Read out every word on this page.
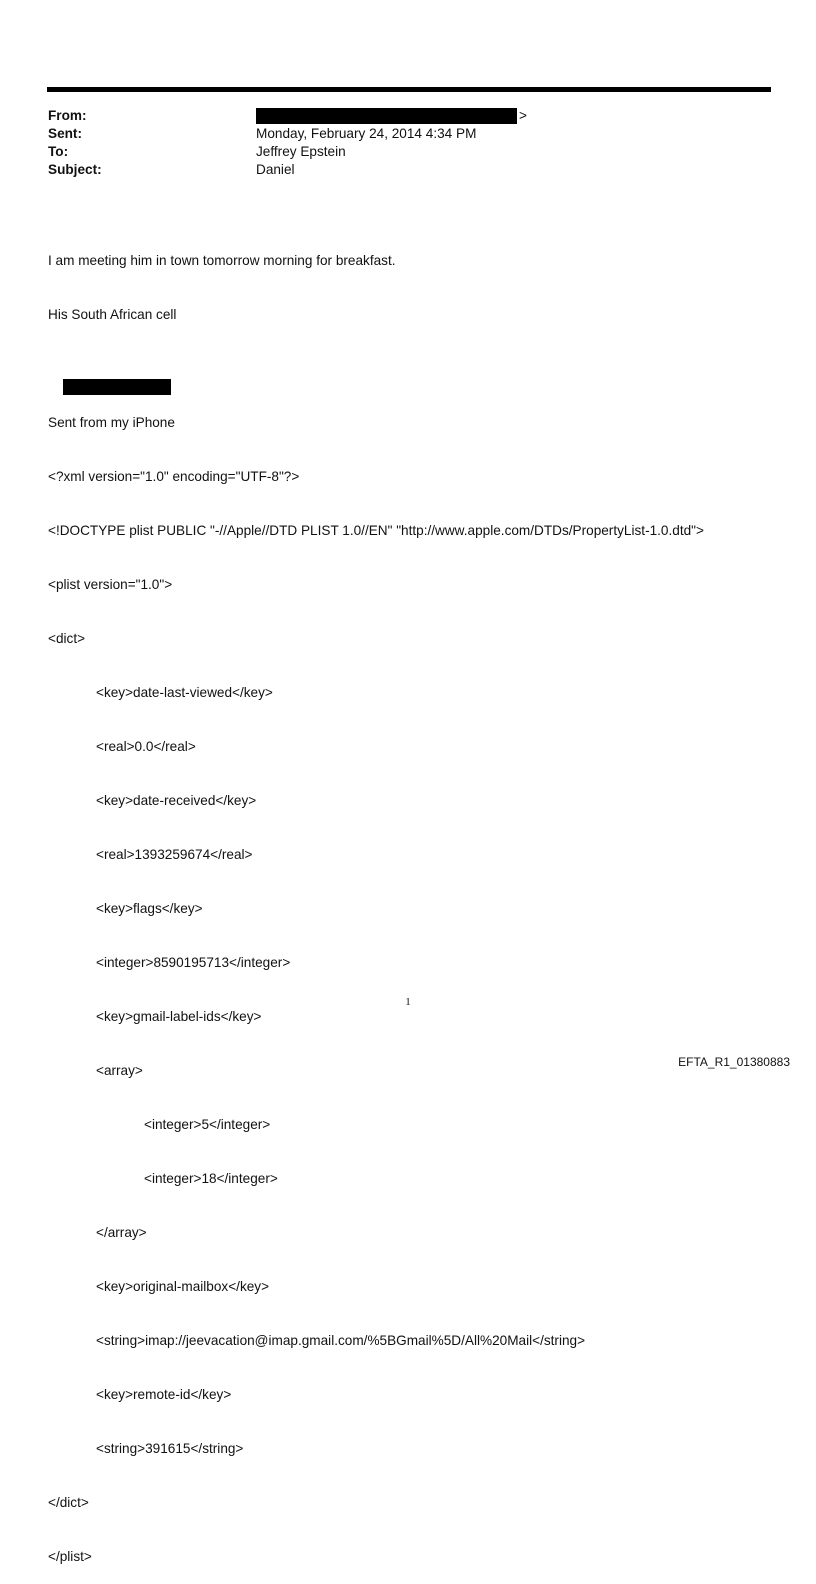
From:	>
Sent:	Monday, February 24, 2014 4:34 PM
To:	Jeffrey Epstein
Subject:	Daniel

I am meeting him in town tomorrow morning for breakfast.

His South African cell

Sent from my iPhone

<?xml version="1.0" encoding="UTF-8"?>

<!DOCTYPE plist PUBLIC "-//Apple//DTD PLIST 1.0//EN" "http://www.apple.com/DTDs/PropertyList-1.0.dtd">

<plist version="1.0">

<dict>

<key>date-last-viewed</key>

<real>0.0</real>

<key>date-received</key>

<real>1393259674</real>

<key>flags</key>

<integer>8590195713</integer>

<key>gmail-label-ids</key>

<array>

<integer>5</integer>

<integer>18</integer>

</array>

<key>original-mailbox</key>

<string>imap://jeevacation@imap.gmail.com/%5BGmail%5D/All%20Mail</string>

<key>remote-id</key>

<string>391615</string>

</dict>

</plist>

1
EFTA_R1_01380883
